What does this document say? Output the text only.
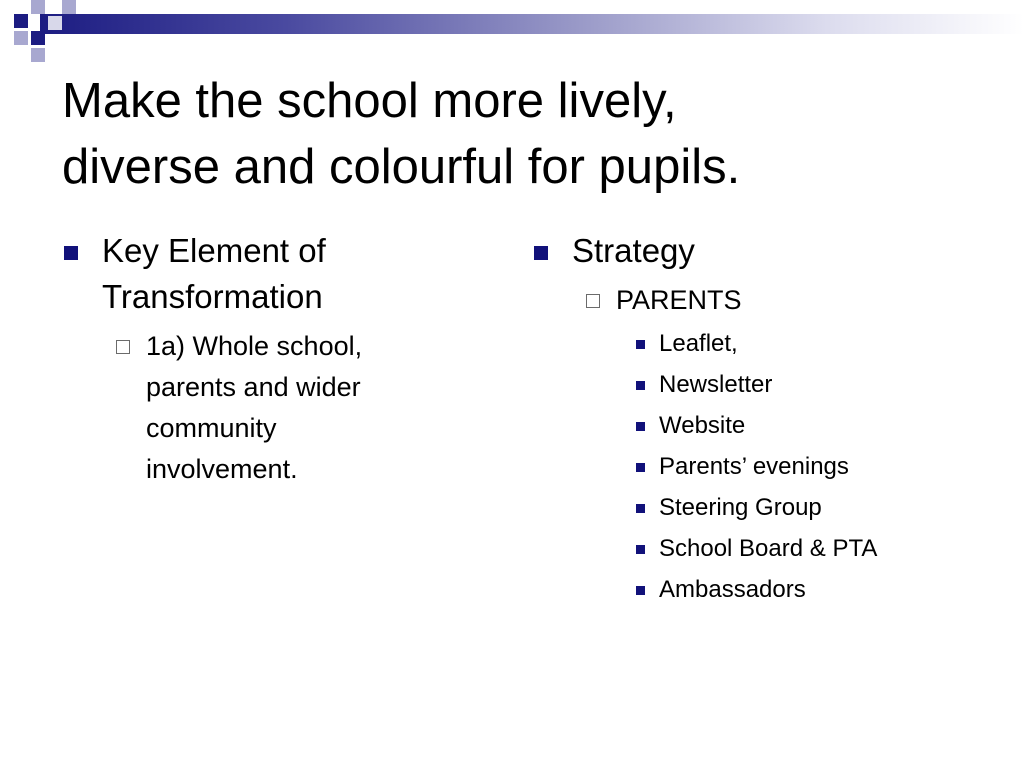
Make the school more lively,
diverse and colourful for pupils.
Key Element of
Transformation
1a) Whole school,
parents and wider
community
involvement.
Strategy
PARENTS
Leaflet,
Newsletter
Website
Parents’ evenings
Steering Group
School Board & PTA
Ambassadors
